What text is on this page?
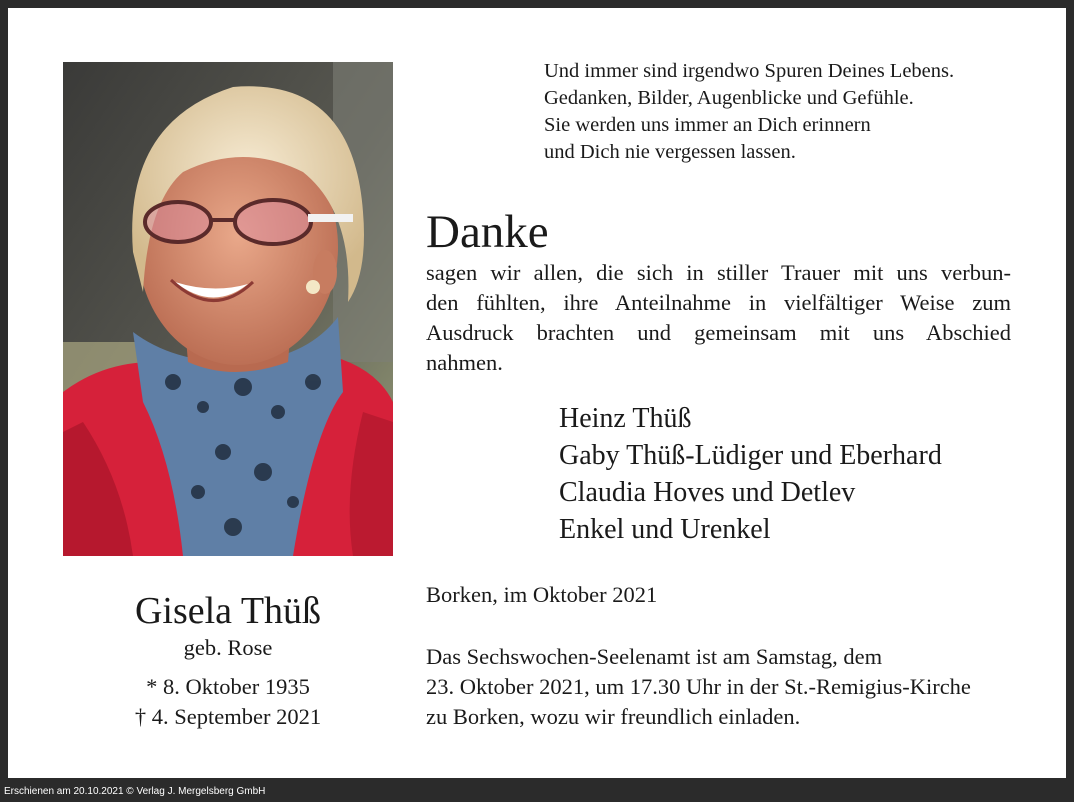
Und immer sind irgendwo Spuren Deines Lebens.
Gedanken, Bilder, Augenblicke und Gefühle.
Sie werden uns immer an Dich erinnern
und Dich nie vergessen lassen.
Danke
sagen wir allen, die sich in stiller Trauer mit uns verbun-
den fühlten, ihre Anteilnahme in vielfältiger Weise zum
Ausdruck brachten und gemeinsam mit uns Abschied
nahmen.
Heinz Thüß
Gaby Thüß-Lüdiger und Eberhard
Claudia Hoves und Detlev
Enkel und Urenkel
Borken, im Oktober 2021
Das Sechswochen-Seelenamt ist am Samstag, dem
23. Oktober 2021, um 17.30 Uhr in der St.-Remigius-Kirche
zu Borken, wozu wir freundlich einladen.
Gisela Thüß
geb. Rose
* 8. Oktober 1935
† 4. September 2021
Erschienen am 20.10.2021 © Verlag J. Mergelsberg GmbH
